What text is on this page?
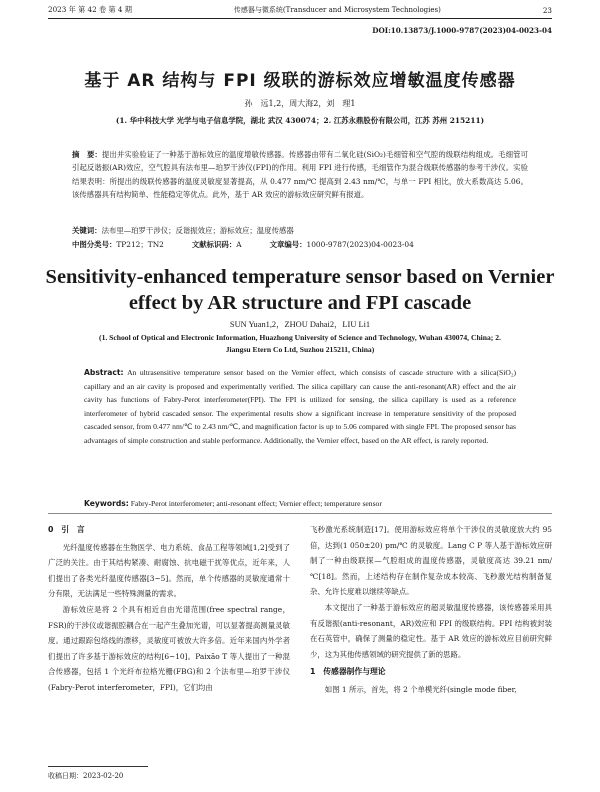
2023 年 第 42 卷 第 4 期	传感器与微系统(Transducer and Microsystem Technologies)	23
DOI:10.13873/J.1000-9787(2023)04-0023-04
基于 AR 结构与 FPI 级联的游标效应增敏温度传感器
孙　远1,2，周大海2，刘　理1
(1. 华中科技大学 光学与电子信息学院，湖北 武汉 430074；2. 江苏永鼎股份有限公司，江苏 苏州 215211)
摘　要：提出并实验验证了一种基于游标效应的温度增敏传感器。传感器由带有二氧化硅(SiO₂)毛细管和空气腔的级联结构组成。毛细管可引起反谐振(AR)效应，空气腔具有法布里—珀罗干涉仪(FPI)的作用。利用 FPI 进行传感，毛细管作为混合级联传感器的参考干涉仪。实验结果表明：所提出的级联传感器的温度灵敏度显著提高，从 0.477 nm/℃ 提高到 2.43 nm/℃，与单一 FPI 相比，放大系数高达 5.06。该传感器具有结构简单、性能稳定等优点。此外，基于 AR 效应的游标效应研究鲜有报道。
关键词：法布里—珀罗干涉仪；反谐振效应；游标效应；温度传感器
中图分类号：TP212；TN2	文献标识码：A	文章编号：1000-9787(2023)04-0023-04
Sensitivity-enhanced temperature sensor based on Vernier effect by AR structure and FPI cascade
SUN Yuan1,2，ZHOU Dahai2，LIU Li1
(1. School of Optical and Electronic Information, Huazhong University of Science and Technology, Wuhan 430074, China; 2. Jiangsu Etern Co Ltd, Suzhou 215211, China)
Abstract: An ultrasensitive temperature sensor based on the Vernier effect, which consists of cascade structure with a silica(SiO₂) capillary and an air cavity is proposed and experimentally verified. The silica capillary can cause the anti-resonant(AR) effect and the air cavity has functions of Fabry-Perot interferometer(FPI). The FPI is utilized for sensing, the silica capillary is used as a reference interferometer of hybrid cascaded sensor. The experimental results show a significant increase in temperature sensitivity of the proposed cascaded sensor, from 0.477 nm/℃ to 2.43 nm/℃, and magnification factor is up to 5.06 compared with single FPI. The proposed sensor has advantages of simple construction and stable performance. Additionally, the Vernier effect, based on the AR effect, is rarely reported.
Keywords: Fabry-Perot interferometer; anti-resonant effect; Vernier effect; temperature sensor
0　引　言

光纤温度传感器在生物医学、电力系统、食品工程等领域[1,2]受到了广泛的关注。由于其结构紧凑、耐腐蚀、抗电磁干扰等优点，近年来，人们提出了各类光纤温度传感器[3~5]。然而，单个传感器的灵敏度通常十分有限，无法满足一些特殊测量的需求。

游标效应是将 2 个具有相近自由光谱范围(free spectral range，FSR)的干涉仪或谐振腔耦合在一起产生叠加光谱，可以显著提高测量灵敏度。通过跟踪包络线的漂移，灵敏度可被放大许多倍。近年来国内外学者们提出了许多基于游标效应的结构[6~10]。Paixão T 等人提出了一种混合传感器，包括 1 个光纤布拉格光栅(FBG)和 2 个法布里—珀罗干涉仪(Fabry-Perot interferometer，FPI)，它们均由

飞秒激光系统制造[17]。使用游标效应将单个干涉仪的灵敏度放大约 95 倍，达到(1 050±20) pm/℃ 的灵敏度。Lang C P 等人基于游标效应研制了一种由级联探—气腔组成的温度传感器，灵敏度高达 39.21 nm/℃[18]。然而，上述结构存在制作复杂成本较高、飞秒激光结构制备复杂、允许长度难以继续等缺点。

本文提出了一种基于游标效应的超灵敏温度传感器，该传感器采用具有反谐振(anti-resonant，AR)效应和 FPI 的级联结构。FPI 结构被封装在石英管中，确保了测量的稳定性。基于 AR 效应的游标效应目前研究鲜少，这为其他传感领域的研究提供了新的思路。

1　传感器制作与理论

如图 1 所示，首先，将 2 个单模光纤(single mode fiber,

收稿日期：2023-02-20
